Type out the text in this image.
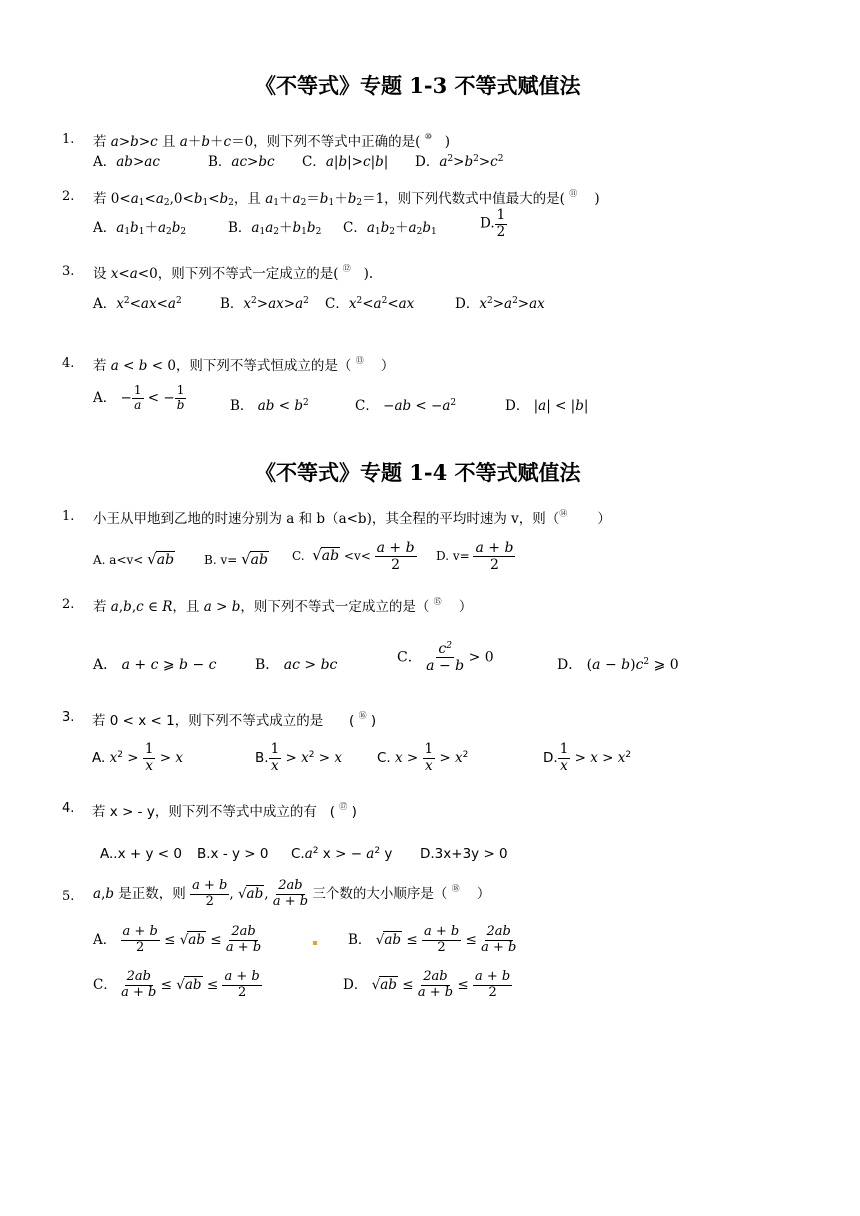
《不等式》专题 1-3 不等式赋值法
1. 若 a>b>c 且 a＋b＋c＝0，则下列不等式中正确的是( ⑩ )
A．ab>ac	B．ac>bc C．a|b|>c|b| D．$a^2>b^2>c^2$
2. 若 $0<a_1<a_2,0<b_1<b_2$，且 $a_1+a_2=b_1+b_2=1$，则下列代数式中值最大的是( ⑪ )
A．$a_1b_1+a_2b_2$	B．$a_1a_2+b_1b_2$ C．$a_1b_2+a_2b_1$
D. $\frac{1}{2}$
3. 设 x<a<0，则下列不等式一定成立的是( ⑫ ).
A．$x^2<ax<a^2$	B．$x^2>ax>a^2$ C．$x^2<a^2<ax$	D．$x^2>a^2>ax$
4. 若 a < b < 0，则下列不等式恒成立的是（ ⑬ ）
A． − $\frac{1}{a}$ < − $\frac{1}{b}$	B． ab < $b^2$	C． $-ab < -a^2$	D． |a| < |b|
《不等式》专题 1-4 不等式赋值法
1. 小王从甲地到乙地的时速分别为 a 和 b（a<b)，其全程的平均时速为 v，则（⑭ ）
A. a<v< √ab B. v= √ab C.  $√ab <v< \frac{a + b}{2} D$. $v= \frac{a + b}{2}$
2. 若 a,b,c ∈ R，且 a > b，则下列不等式一定成立的是（ ⑮ ）
A． a + c ⩾ b − c	B． ac > bc	C． $\frac{c^2}{a - b} > 0$	D． $(a - b)c^2$ ⩾ 0
3. 若 0 < x < 1，则下列不等式成立的是 ( ⑯ )
A. $x^2 > \frac{1}{x} > x$	B. $\frac{1}{x} > x^2 > x$	C. $x > \frac{1}{x} > x^2$	D. $\frac{1}{x} > x > x^2$
4. 若 x > - y，则下列不等式中成立的有 ( ⑰ )
A..x + y < 0 B.x - y > 0 $C.a^2$ x > − $a^2$ y D.3x+3y > 0
5. a,b 是正数，则 $\frac{a + b}{2}$ , √ab, $\frac{2ab}{a + b}$ 三个数的大小顺序是（ ⑱ ）
A． $\frac{a + b}{2} \le √ab \le \frac{2ab}{a + b}$	B． $√ab \le \frac{a + b}{2} \le \frac{2ab}{a + b}$
C． $\frac{2ab}{a + b} \le √ab \le \frac{a + b}{2}$	D． $√ab \le \frac{2ab}{a + b} \le \frac{a + b}{2}$
